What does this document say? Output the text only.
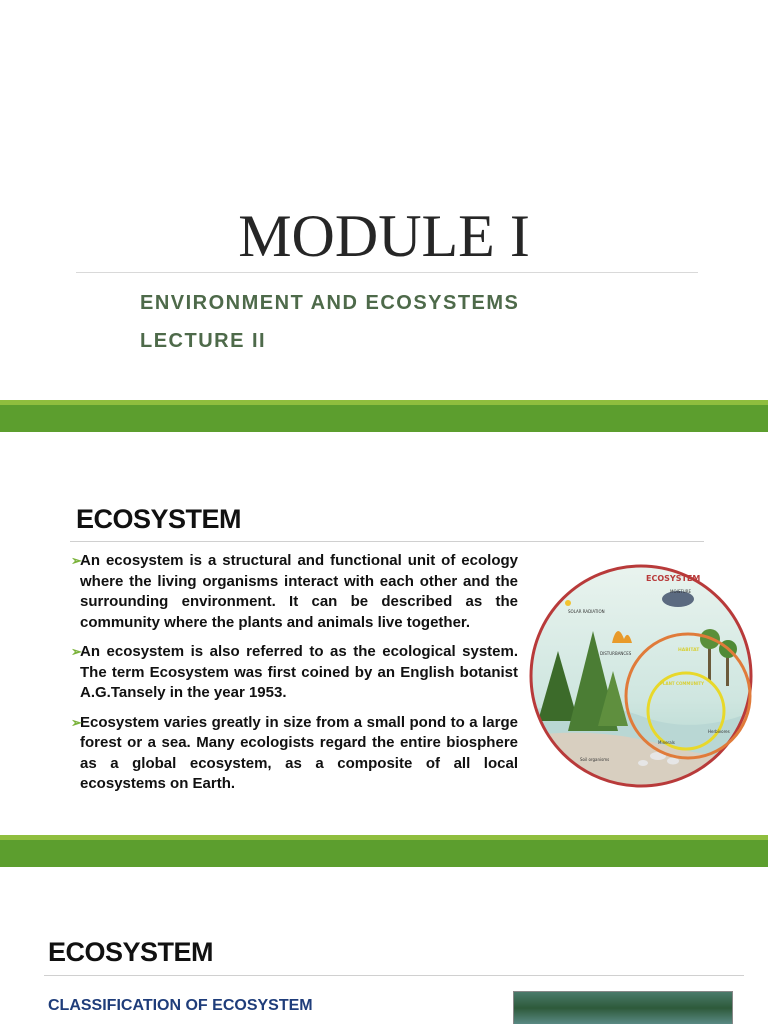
MODULE I
ENVIRONMENT AND ECOSYSTEMS
LECTURE II
ECOSYSTEM
➢
An ecosystem is a structural and functional unit of ecology where the living organisms interact with each other and the surrounding environment. It can be described as the community where the plants and animals live together.
➢
An ecosystem is also referred to as the ecological system. The term Ecosystem was first coined by an English botanist A.G.Tansely in the year 1953.
➢
Ecosystem varies greatly in size from a small pond to a large forest or a sea. Many ecologists regard the entire biosphere as a global ecosystem, as a composite of all local ecosystems on Earth.
ECOSYSTEM
SOLAR RADIATION
MOISTURE
DISTURBANCES
HABITAT
PLANT COMMUNITY
Minerals
Soil organisms
Herbivores
ECOSYSTEM
CLASSIFICATION OF ECOSYSTEM
